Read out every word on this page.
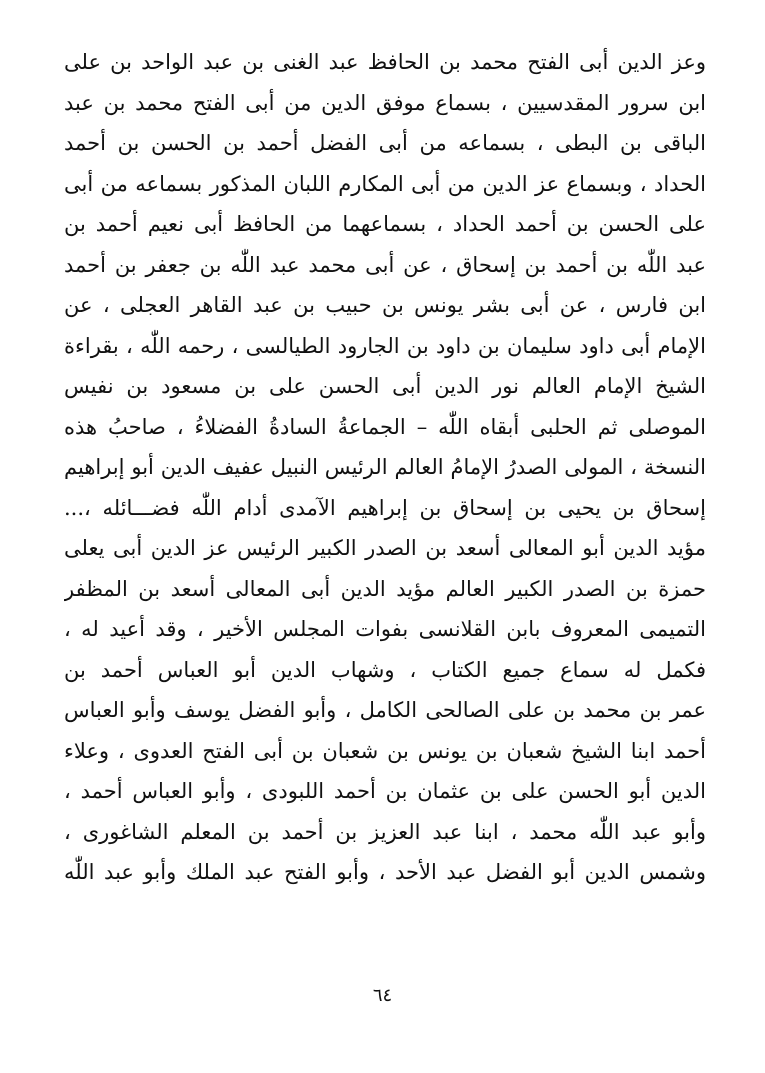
وعز الدين أبى الفتح محمد بن الحافظ عبد الغنى بن عبد الواحد بن على
ابن سرور المقدسيين ، بسماع موفق الدين من أبى الفتح محمد بن عبد
الباقى بن البطى ، بسماعه من أبى الفضل أحمد بن الحسن بن أحمد
الحداد ، وبسماع عز الدين من أبى المكارم اللبان المذكور بسماعه من أبى
على الحسن بن أحمد الحداد ، بسماعهما من الحافظ أبى نعيم أحمد بن
عبد اللّٰه بن أحمد بن إسحاق ، عن أبى محمد عبد اللّٰه بن جعفر بن أحمد
ابن فارس ، عن أبى بشر يونس بن حبيب بن عبد القاهر العجلى ، عن
الإمام أبى داود سليمان بن داود بن الجارود الطيالسى ، رحمه اللّٰه ، بقراءة
الشيخ الإمام العالم نور الدين أبى الحسن على بن مسعود بن نفيس
الموصلى ثم الحلبى أبقاه اللّٰه – الجماعةُ السادةُ الفضلاءُ ، صاحبُ هذه
النسخة ، المولى الصدرُ الإمامُ العالم الرئيس النبيل عفيف الدين أبو إبراهيم
إسحاق بن يحيى بن إسحاق بن إبراهيم الآمدى أدام اللّٰه فضـــائله ،...
مؤيد الدين أبو المعالى أسعد بن الصدر الكبير الرئيس عز الدين أبى يعلى
حمزة بن الصدر الكبير العالم مؤيد الدين أبى المعالى أسعد بن المظفر
التميمى المعروف بابن القلانسى بفوات المجلس الأخير ، وقد أعيد له ،
فكمل له سماع جميع الكتاب ، وشهاب الدين أبو العباس أحمد بن
عمر بن محمد بن على الصالحى الكامل ، وأبو الفضل يوسف وأبو العباس
أحمد ابنا الشيخ شعبان بن يونس بن شعبان بن أبى الفتح العدوى ، وعلاء
الدين أبو الحسن على بن عثمان بن أحمد اللبودى ، وأبو العباس أحمد ،
وأبو عبد اللّٰه محمد ، ابنا عبد العزيز بن أحمد بن المعلم الشاغورى ،
وشمس الدين أبو الفضل عبد الأحد ، وأبو الفتح عبد الملك وأبو عبد اللّٰه
٦٤
